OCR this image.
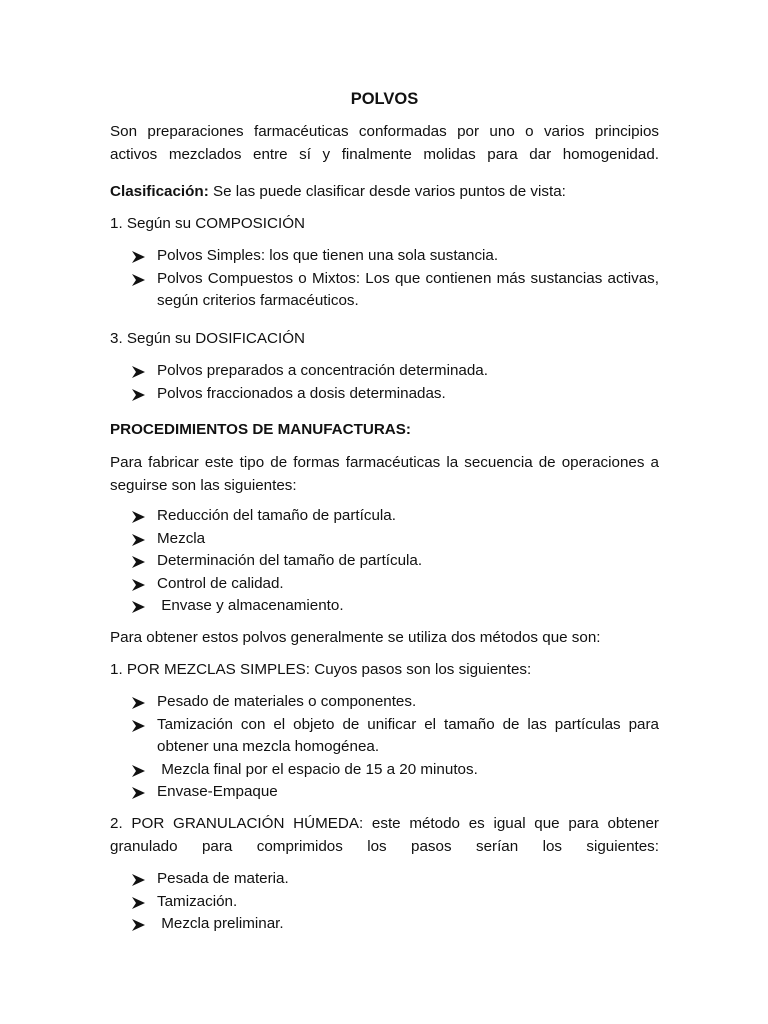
POLVOS
Son preparaciones farmacéuticas conformadas por uno o varios principios activos mezclados entre sí y finalmente molidas para dar homogenidad.
Clasificación: Se las puede clasificar desde varios puntos de vista:
1. Según su COMPOSICIÓN
Polvos Simples: los que tienen una sola sustancia.
Polvos Compuestos o Mixtos: Los que contienen más sustancias activas, según criterios farmacéuticos.
3. Según su DOSIFICACIÓN
Polvos preparados a concentración determinada.
Polvos fraccionados a dosis determinadas.
PROCEDIMIENTOS DE MANUFACTURAS:
Para fabricar este tipo de formas farmacéuticas la secuencia de operaciones a seguirse son las siguientes:
Reducción del tamaño de partícula.
Mezcla
Determinación del tamaño de partícula.
Control de calidad.
Envase y almacenamiento.
Para obtener estos polvos generalmente se utiliza dos métodos que son:
1. POR MEZCLAS SIMPLES: Cuyos pasos son los siguientes:
Pesado de materiales o componentes.
Tamización con el objeto de unificar el tamaño de las partículas para obtener una mezcla homogénea.
Mezcla final por el espacio de 15 a 20 minutos.
Envase-Empaque
2. POR GRANULACIÓN HÚMEDA: este método es igual que para obtener granulado para comprimidos los pasos serían los siguientes:
Pesada de materia.
Tamización.
Mezcla preliminar.
